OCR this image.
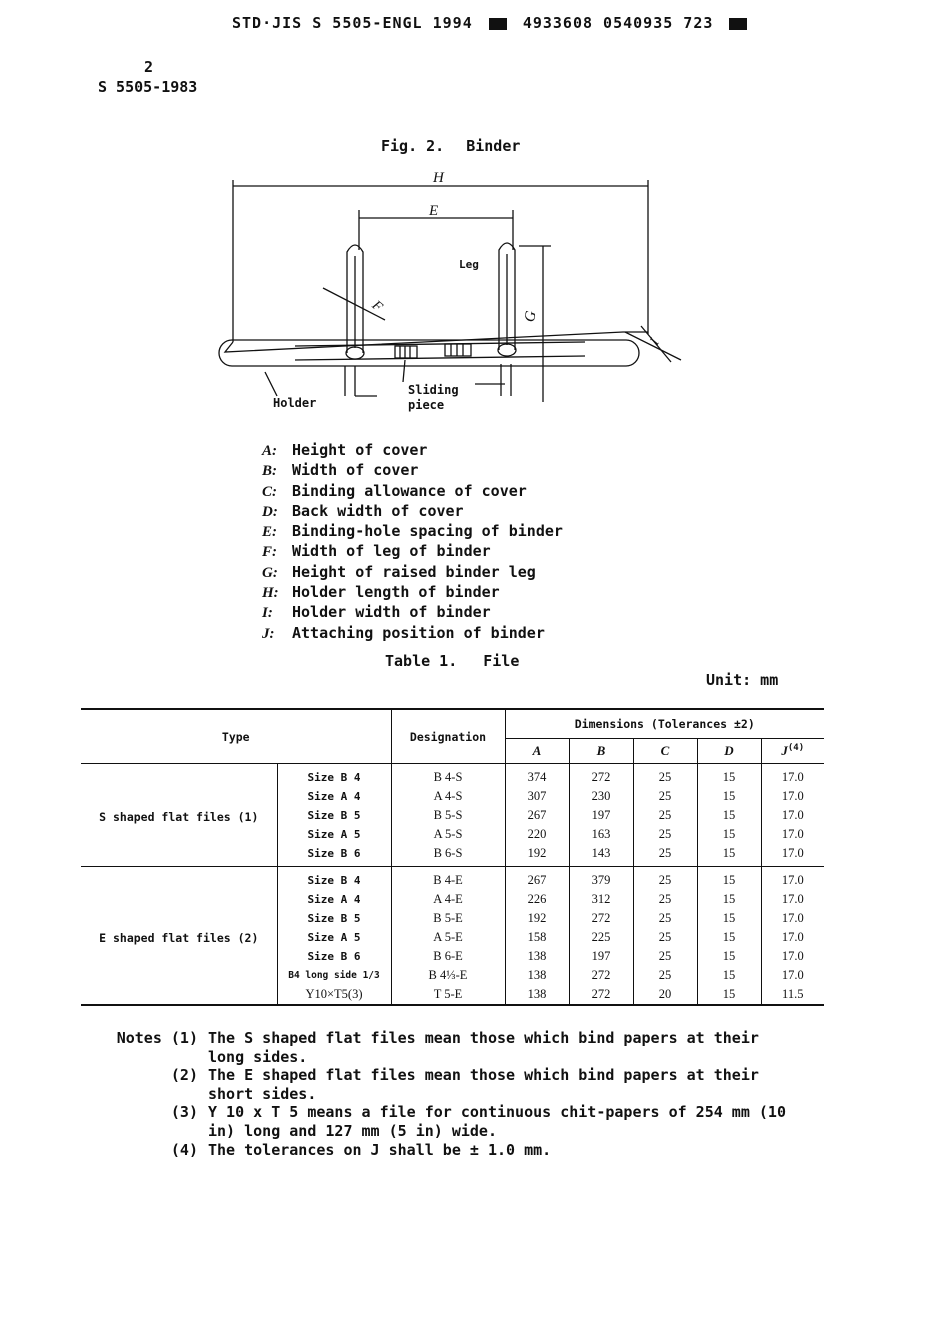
STD·JIS S 5505-ENGL 1994	4933608 0540935 723
2
S 5505-1983
Fig. 2. Binder
H
E
G
F
I
Leg
Holder
Sliding
piece
A: Height of cover
B: Width of cover
C: Binding allowance of cover
D: Back width of cover
E: Binding-hole spacing of binder
F: Width of leg of binder
G: Height of raised binder leg
H: Holder length of binder
I: Holder width of binder
J: Attaching position of binder
Table 1. File
Unit: mm
Type		Designation	Dimensions (Tolerances ±2)				
			A	B	C	D	$J^{(4)}$
S shaped flat files (1)	Size B 4	B 4-S	374	272	25	15	17.0
	Size A 4	A 4-S	307	230	25	15	17.0
	Size B 5	B 5-S	267	197	25	15	17.0
	Size A 5	A 5-S	220	163	25	15	17.0
	Size B 6	B 6-S	192	143	25	15	17.0
E shaped flat files (2)	Size B 4	B 4-E	267	379	25	15	17.0
	Size A 4	A 4-E	226	312	25	15	17.0
	Size B 5	B 5-E	192	272	25	15	17.0
	Size A 5	A 5-E	158	225	25	15	17.0
	Size B 6	B 6-E	138	197	25	15	17.0
	B4 long side 1/3	B 4⅓-E	138	272	25	15	17.0
	Y10×T5(3)	T 5-E	138	272	20	15	11.5
Notes (1) The S shaped flat files mean those which bind papers at their long sides.
(2) The E shaped flat files mean those which bind papers at their short sides.
(3) Y 10 x T 5 means a file for continuous chit-papers of 254 mm (10 in) long and 127 mm (5 in) wide.
(4) The tolerances on J shall be ± 1.0 mm.
